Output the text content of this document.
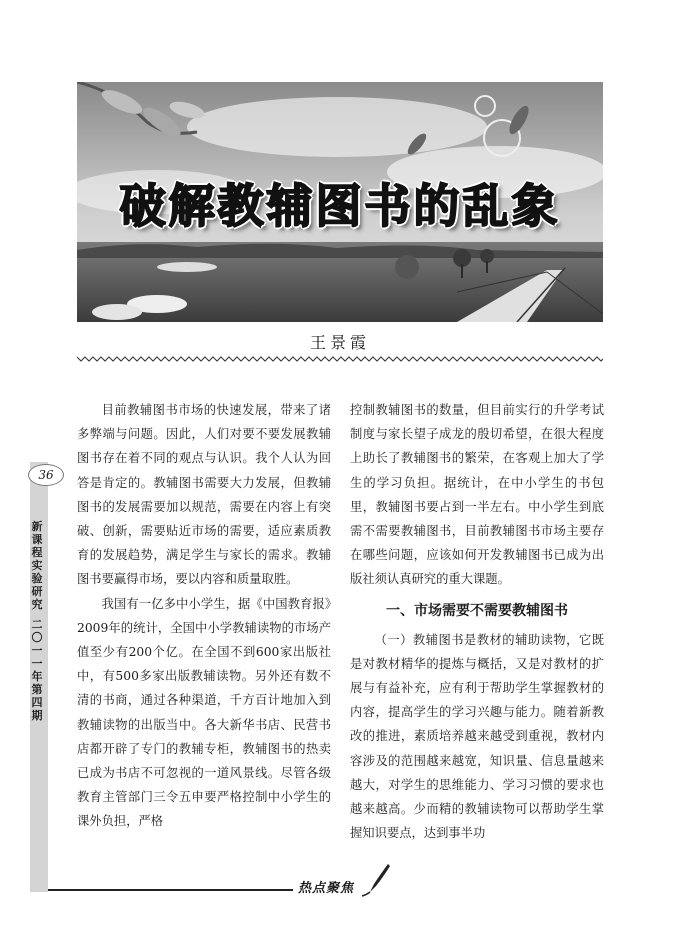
破解教辅图书的乱象
王景霞
36
新课程实验研究
二〇一一年第四期

目前教辅图书市场的快速发展，带来了诸多弊端与问题。因此，人们对要不要发展教辅图书存在着不同的观点与认识。我个人认为回答是肯定的。教辅图书需要大力发展，但教辅图书的发展需要加以规范，需要在内容上有突破、创新，需要贴近市场的需要，适应素质教育的发展趋势，满足学生与家长的需求。教辅图书要赢得市场，要以内容和质量取胜。

我国有一亿多中小学生，据《中国教育报》2009年的统计，全国中小学教辅读物的市场产值至少有200个亿。在全国不到600家出版社中，有500多家出版教辅读物。另外还有数不清的书商，通过各种渠道，千方百计地加入到教辅读物的出版当中。各大新华书店、民营书店都开辟了专门的教辅专柜，教辅图书的热卖已成为书店不可忽视的一道风景线。尽管各级教育主管部门三令五申要严格控制中小学生的课外负担，严格

控制教辅图书的数量，但目前实行的升学考试制度与家长望子成龙的殷切希望，在很大程度上助长了教辅图书的繁荣，在客观上加大了学生的学习负担。据统计，在中小学生的书包里，教辅图书要占到一半左右。中小学生到底需不需要教辅图书，目前教辅图书市场主要存在哪些问题，应该如何开发教辅图书已成为出版社须认真研究的重大课题。

一、市场需要不需要教辅图书

（一）教辅图书是教材的辅助读物，它既是对教材精华的提炼与概括，又是对教材的扩展与有益补充，应有利于帮助学生掌握教材的内容，提高学生的学习兴趣与能力。随着新教改的推进，素质培养越来越受到重视，教材内容涉及的范围越来越宽，知识量、信息量越来越大，对学生的思维能力、学习习惯的要求也越来越高。少而精的教辅读物可以帮助学生掌握知识要点，达到事半功

热点聚焦
